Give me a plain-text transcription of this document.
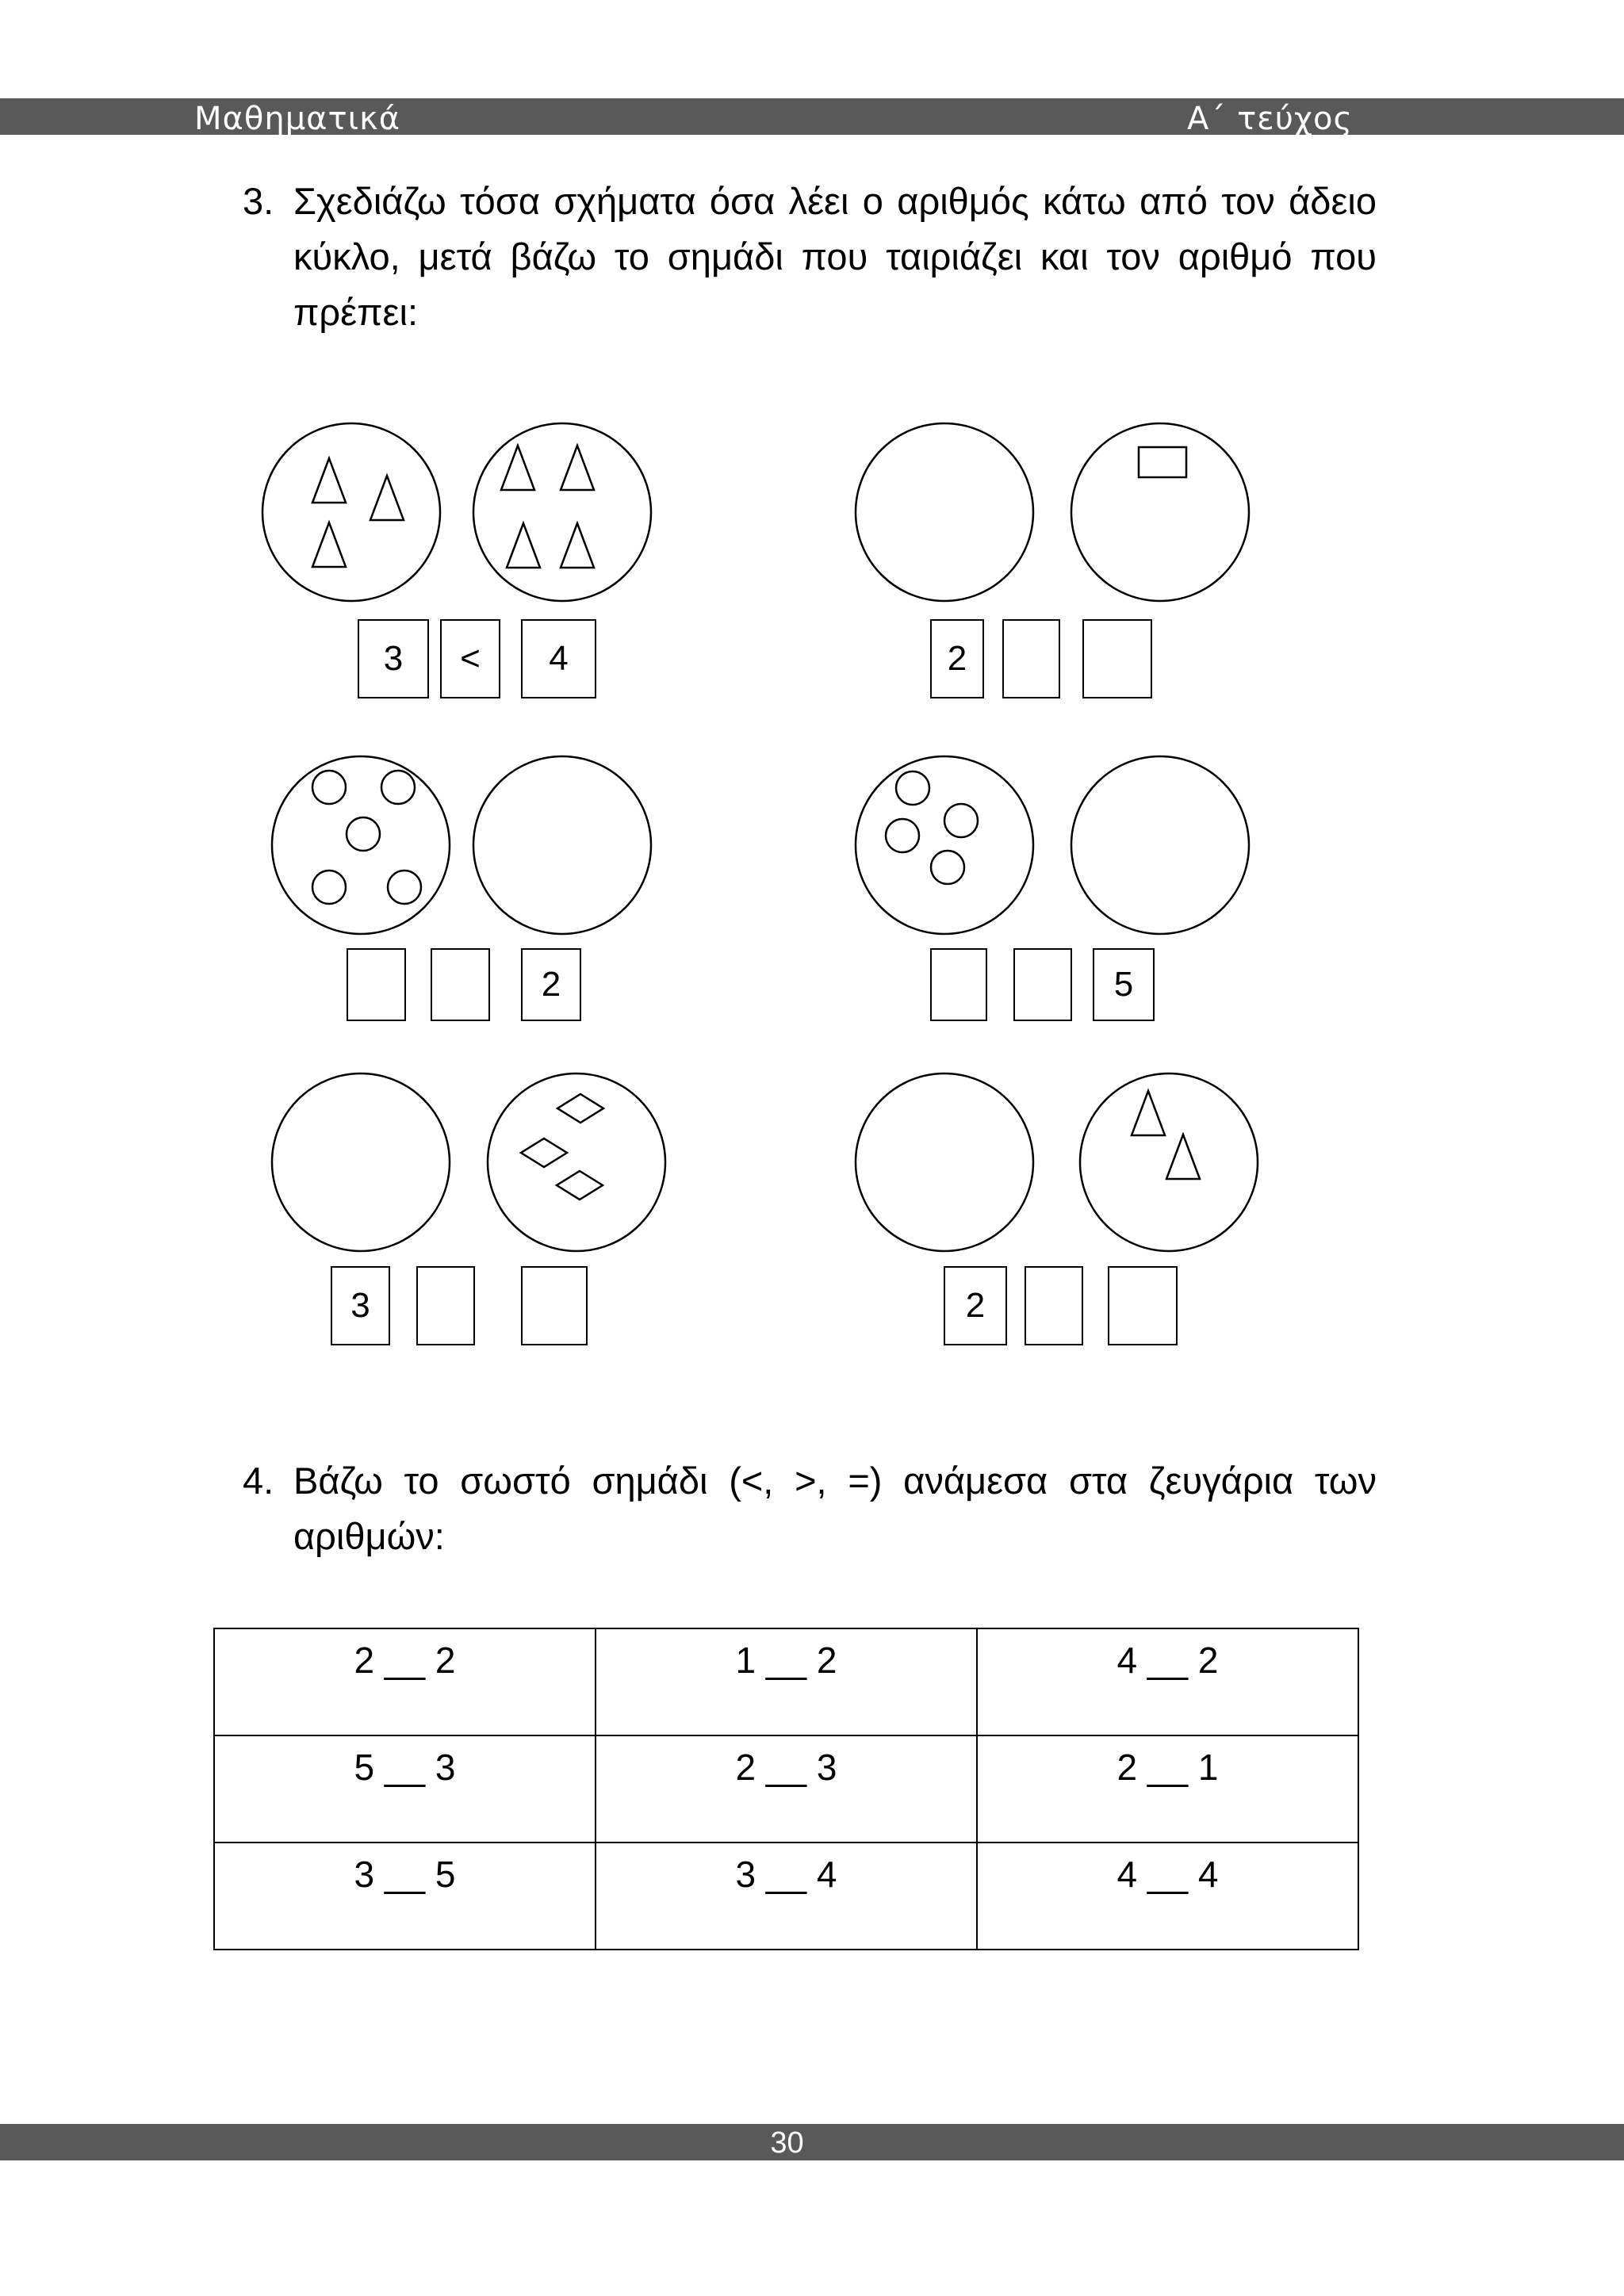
Μαθηματικά	Α΄ τεύχος
3. Σχεδιάζω τόσα σχήματα όσα λέει ο αριθμός κάτω από τον άδειο κύκλο, μετά βάζω το σημάδι που ταιριάζει και τον αριθμό που πρέπει:
3	<	4	2
2	5
3	2
4. Βάζω το σωστό σημάδι (<, >, =) ανάμεσα στα ζευγάρια των αριθμών:
2 __ 2	1 __ 2	4 __ 2
5 __ 3	2 __ 3	2 __ 1
3 __ 5	3 __ 4	4 __ 4
30
